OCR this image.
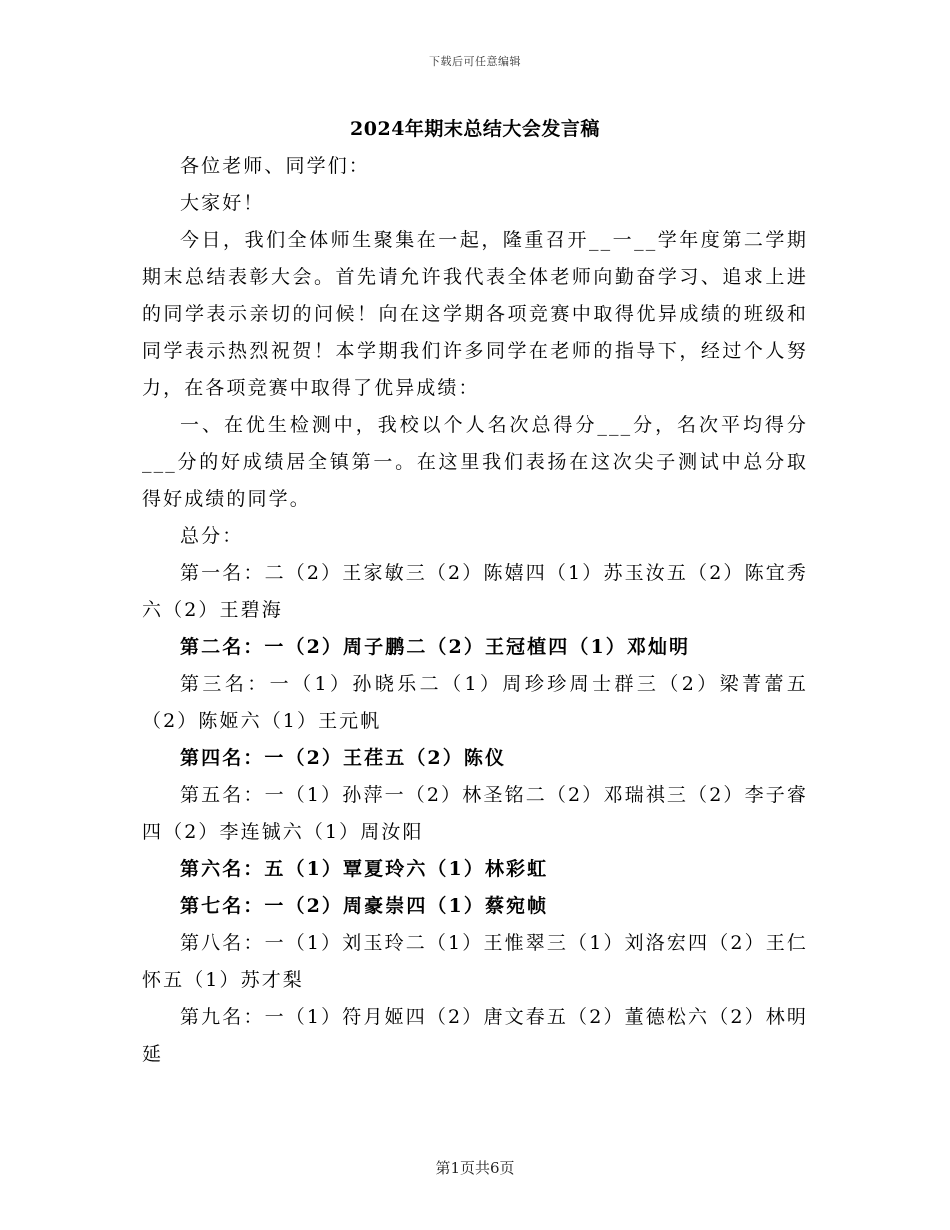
下载后可任意编辑
2024年期末总结大会发言稿

各位老师、同学们：

大家好！

今日，我们全体师生聚集在一起，隆重召开__一__学年度第二学期期末总结表彰大会。首先请允许我代表全体老师向勤奋学习、追求上进的同学表示亲切的问候！向在这学期各项竞赛中取得优异成绩的班级和同学表示热烈祝贺！本学期我们许多同学在老师的指导下，经过个人努力，在各项竞赛中取得了优异成绩：

一、在优生检测中，我校以个人名次总得分___分，名次平均得分___分的好成绩居全镇第一。在这里我们表扬在这次尖子测试中总分取得好成绩的同学。

总分：

第一名：二（2）王家敏三（2）陈嬉四（1）苏玉汝五（2）陈宜秀六（2）王碧海

第二名：一（2）周子鹏二（2）王冠植四（1）邓灿明

第三名：一（1）孙晓乐二（1）周珍珍周士群三（2）梁菁蕾五（2）陈姬六（1）王元帆

第四名：一（2）王荏五（2）陈仪

第五名：一（1）孙萍一（2）林圣铭二（2）邓瑞祺三（2）李子睿四（2）李连铖六（1）周汝阳

第六名：五（1）覃夏玲六（1）林彩虹

第七名：一（2）周豪崇四（1）蔡宛帧

第八名：一（1）刘玉玲二（1）王惟翠三（1）刘洛宏四（2）王仁怀五（1）苏才梨

第九名：一（1）符月姬四（2）唐文春五（2）董德松六（2）林明延

第1页共6页
